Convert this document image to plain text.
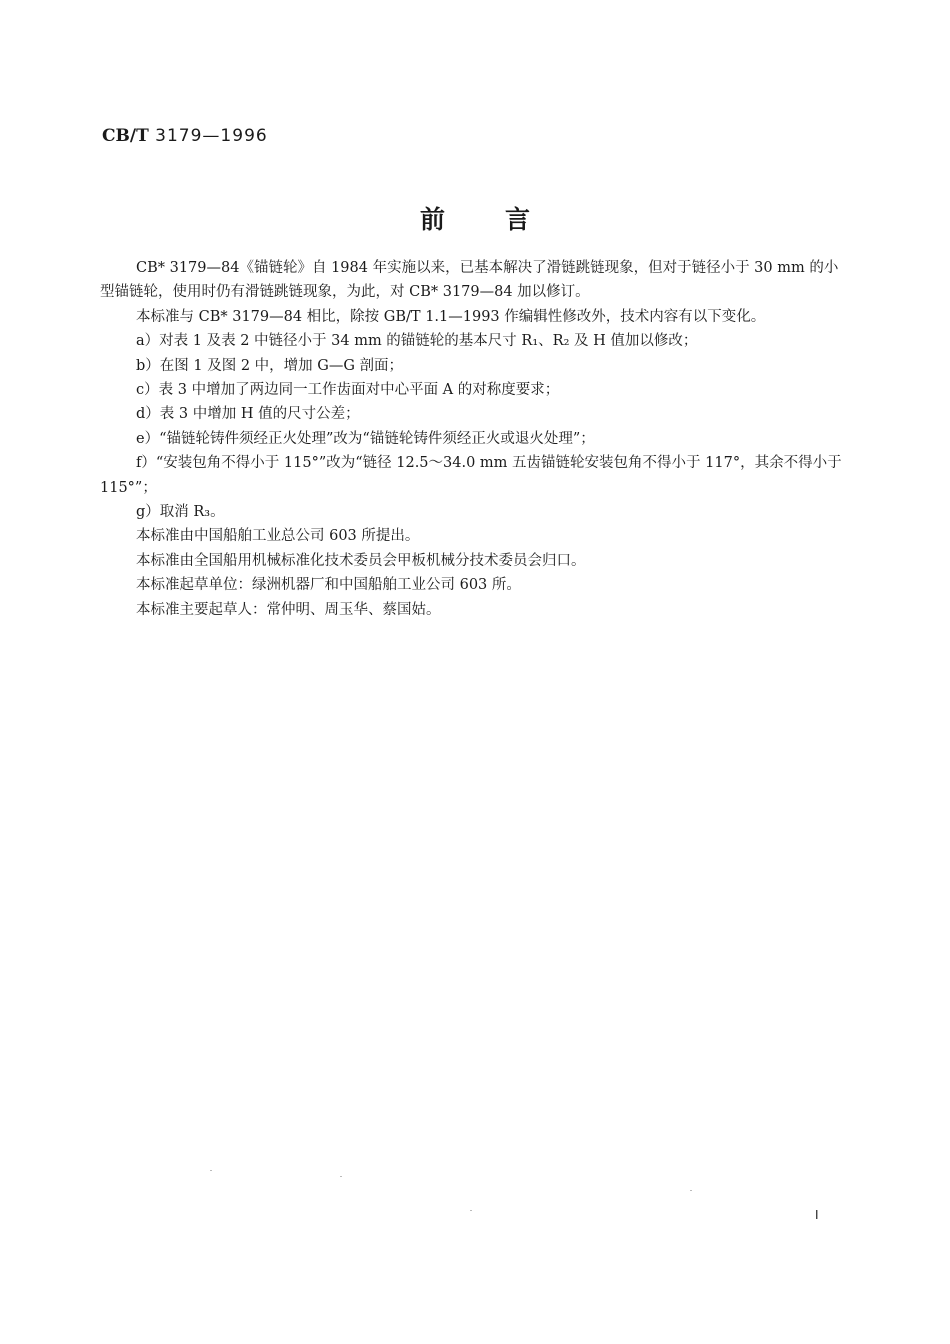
CB/T 3179—1996
前言

CB* 3179—84《锚链轮》自 1984 年实施以来，已基本解决了滑链跳链现象，但对于链径小于 30 mm 的小型锚链轮，使用时仍有滑链跳链现象，为此，对 CB* 3179—84 加以修订。

本标准与 CB* 3179—84 相比，除按 GB/T 1.1—1993 作编辑性修改外，技术内容有以下变化。

a）对表 1 及表 2 中链径小于 34 mm 的锚链轮的基本尺寸 R₁、R₂ 及 H 值加以修改；

b）在图 1 及图 2 中，增加 G—G 剖面；

c）表 3 中增加了两边同一工作齿面对中心平面 A 的对称度要求；

d）表 3 中增加 H 值的尺寸公差；

e）“锚链轮铸件须经正火处理”改为“锚链轮铸件须经正火或退火处理”；

f）“安装包角不得小于 115°”改为“链径 12.5～34.0 mm 五齿锚链轮安装包角不得小于 117°，其余不得小于 115°”；

g）取消 R₃。

本标准由中国船舶工业总公司 603 所提出。

本标准由全国船用机械标准化技术委员会甲板机械分技术委员会归口。

本标准起草单位：绿洲机器厂和中国船舶工业公司 603 所。

本标准主要起草人：常仲明、周玉华、蔡国姑。

I
